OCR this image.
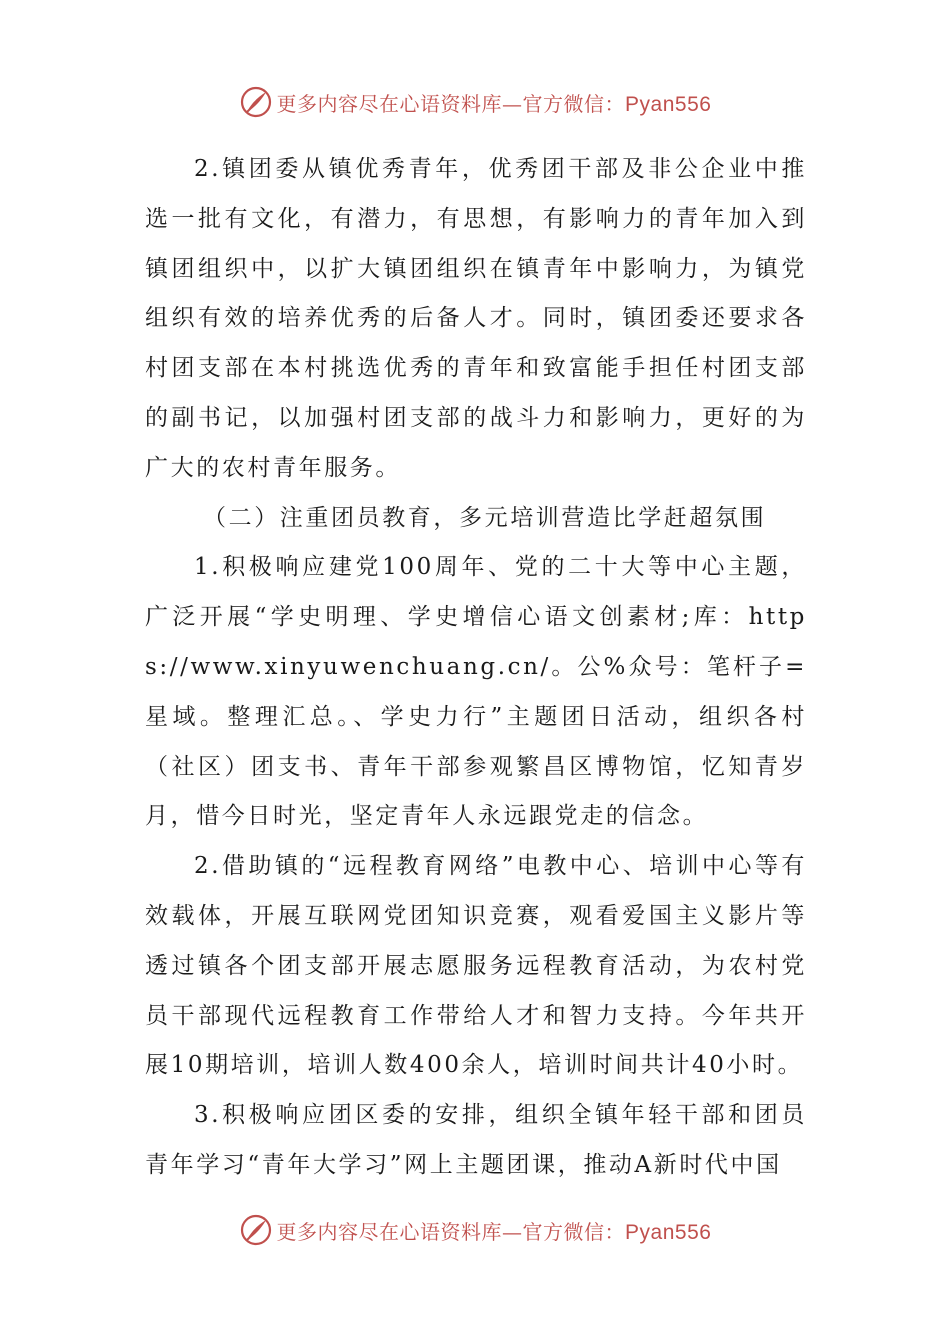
更多内容尽在心语资料库—官方微信：Pyan556

2.镇团委从镇优秀青年，优秀团干部及非公企业中推选一批有文化，有潜力，有思想，有影响力的青年加入到镇团组织中，以扩大镇团组织在镇青年中影响力，为镇党组织有效的培养优秀的后备人才。同时，镇团委还要求各村团支部在本村挑选优秀的青年和致富能手担任村团支部的副书记，以加强村团支部的战斗力和影响力，更好的为广大的农村青年服务。

（二）注重团员教育，多元培训营造比学赶超氛围

1.积极响应建党100周年、党的二十大等中心主题，广泛开展“学史明理、学史增信心语文创素材;库：https://www.xinyuwenchuang.cn/。公%众号：笔杆子=星域。整理汇总。、学史力行”主题团日活动，组织各村（社区）团支书、青年干部参观繁昌区博物馆，忆知青岁月，惜今日时光，坚定青年人永远跟党走的信念。

2.借助镇的“远程教育网络”电教中心、培训中心等有效载体，开展互联网党团知识竞赛，观看爱国主义影片等透过镇各个团支部开展志愿服务远程教育活动，为农村党员干部现代远程教育工作带给人才和智力支持。今年共开展10期培训，培训人数400余人，培训时间共计40小时。

3.积极响应团区委的安排，组织全镇年轻干部和团员青年学习“青年大学习”网上主题团课，推动A新时代中国

更多内容尽在心语资料库—官方微信：Pyan556
